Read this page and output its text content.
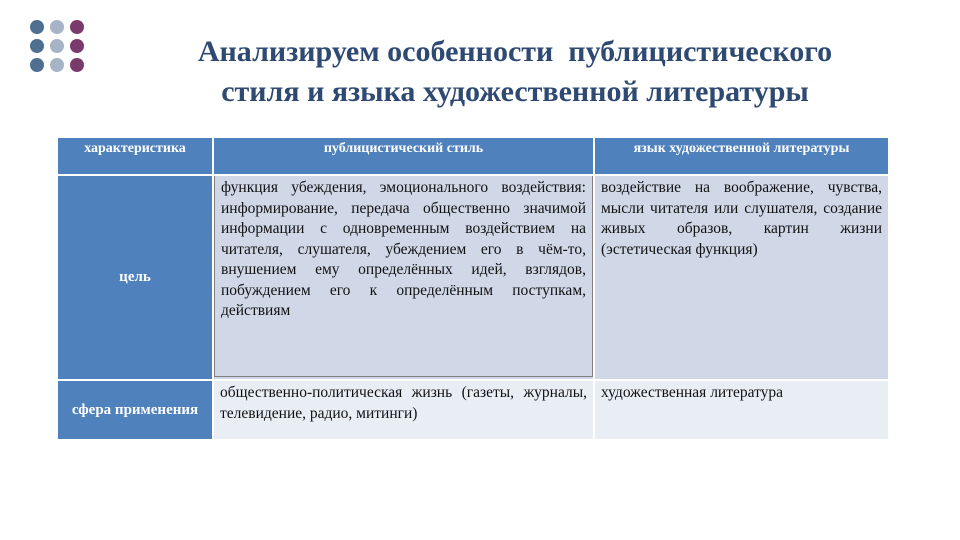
Анализируем особенности  публицистического
стиля и языка художественной литературы
характеристика	публицистический стиль	язык художественной литературы
цель	функция убеждения, эмоционального воздействия: информирование, передача общественно значимой информации с одновременным воздействием на читателя, слушателя, убеждением его в чём-то, внушением ему определённых идей, взглядов, побуждением его к определённым поступкам, действиям	воздействие на воображение, чувства, мысли читателя или слушателя, создание живых образов, картин жизни (эстетическая функция)
сфера применения	общественно-политическая жизнь (газеты, журналы, телевидение, радио, митинги)	художественная литература
